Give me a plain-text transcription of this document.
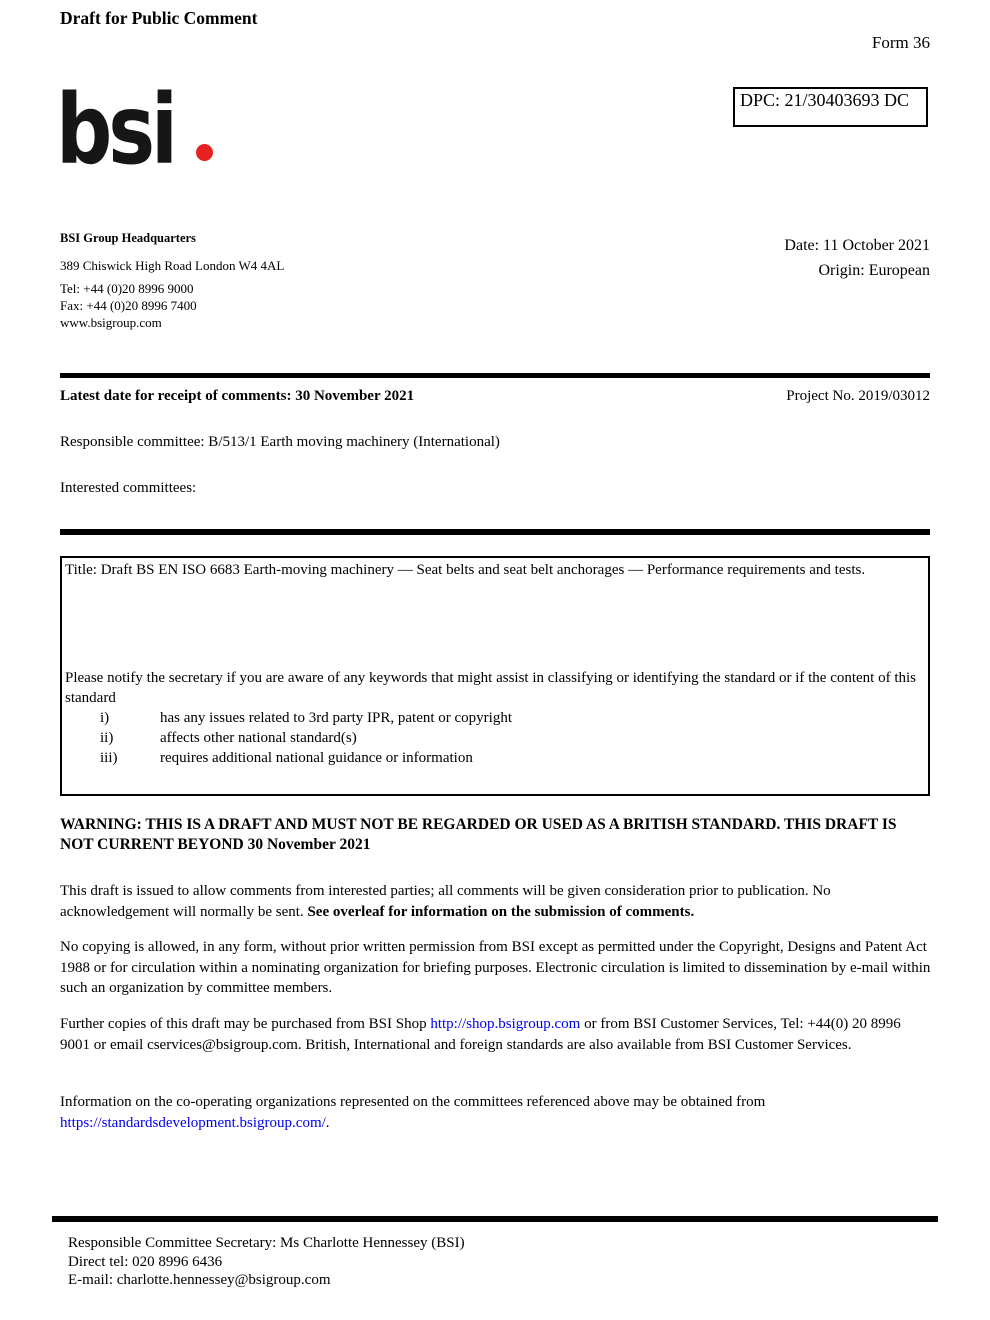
Draft for Public Comment
Form 36
DPC: 21/30403693 DC
bsi
BSI Group Headquarters
389 Chiswick High Road London W4 4AL
Tel: +44 (0)20 8996 9000
Fax: +44 (0)20 8996 7400
www.bsigroup.com
Date: 11 October 2021
Origin: European
Latest date for receipt of comments: 30 November 2021	Project No. 2019/03012
Responsible committee: B/513/1 Earth moving machinery (International)
Interested committees:
Title: Draft BS EN ISO 6683 Earth-moving machinery — Seat belts and seat belt anchorages — Performance requirements and tests.
Please notify the secretary if you are aware of any keywords that might assist in classifying or identifying the standard or if the content of this standard
i)	has any issues related to 3rd party IPR, patent or copyright
ii)	affects other national standard(s)
iii)	requires additional national guidance or information
WARNING: THIS IS A DRAFT AND MUST NOT BE REGARDED OR USED AS A BRITISH STANDARD. THIS DRAFT IS NOT CURRENT BEYOND 30 November 2021
This draft is issued to allow comments from interested parties; all comments will be given consideration prior to publication. No acknowledgement will normally be sent. See overleaf for information on the submission of comments.
No copying is allowed, in any form, without prior written permission from BSI except as permitted under the Copyright, Designs and Patent Act 1988 or for circulation within a nominating organization for briefing purposes. Electronic circulation is limited to dissemination by e-mail within such an organization by committee members.
Further copies of this draft may be purchased from BSI Shop http://shop.bsigroup.com or from BSI Customer Services, Tel: +44(0) 20 8996 9001 or email cservices@bsigroup.com. British, International and foreign standards are also available from BSI Customer Services.
Information on the co-operating organizations represented on the committees referenced above may be obtained from https://standardsdevelopment.bsigroup.com/.
Responsible Committee Secretary: Ms Charlotte Hennessey (BSI)
Direct tel: 020 8996 6436
E-mail: charlotte.hennessey@bsigroup.com
